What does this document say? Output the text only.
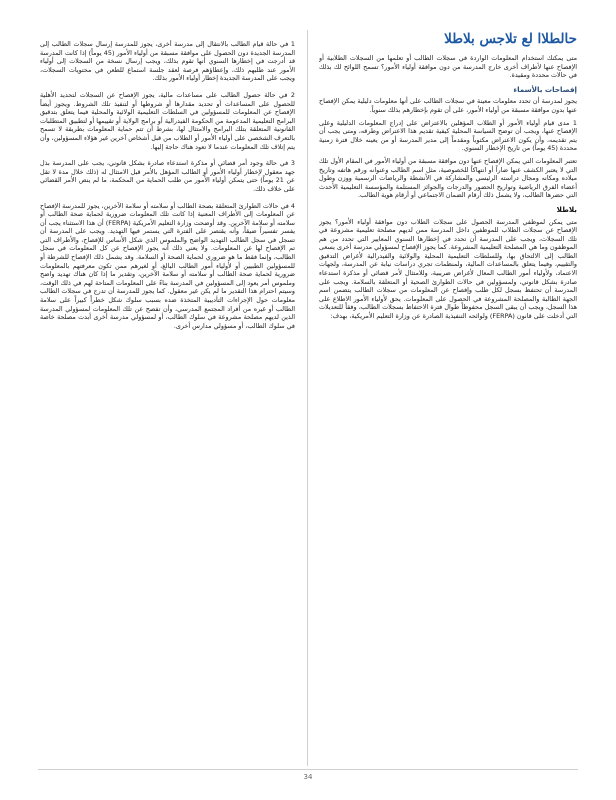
حالطلاا لع تلاجس بلاطلا

متى يمكنك استخدام المعلومات الواردة في سجلات الطالب أو تعلمها من السجلات الطلابية أو الإفصاح عنها لأطراف أخرى خارج المدرسة من دون موافقة أولياء الأمور؟ تسمح اللوائح لك بذلك في حالات محددة ومقيدة.

إفصاحات بالأسماء

يجوز لمدرسة أن تحدد معلومات معينة في سجلات الطالب على أنها معلومات دليلية يمكن الإفصاح عنها بدون موافقة مسبقة من أولياء الأمور، على أن تقوم بإخطارهم بذلك سنوياً.

1 مدى قيام أولياء الأمور أو الطلاب المؤهلين بالاعتراض على إدراج المعلومات الدليلية وعلى الإفصاح عنها، ويجب أن توضح السياسة المحلية كيفية تقديم هذا الاعتراض وطرقه، ومتى يجب أن يتم تقديمه، وأن يكون الاعتراض مكتوباً ومقدماً إلى مدير المدرسة أو من يعينه خلال فترة زمنية محددة (45 يوماً) من تاريخ الإخطار السنوي.

تعتبر المعلومات التي يمكن الإفصاح عنها دون موافقة مسبقة من أولياء الأمور في المقام الأول تلك التي لا يعتبر الكشف عنها ضاراً أو انتهاكاً للخصوصية، مثل اسم الطالب وعنوانه ورقم هاتفه وتاريخ ميلاده ومكانه ومجال دراسته الرئيسي والمشاركة في الأنشطة والرياضات الرسمية ووزن وطول أعضاء الفرق الرياضية وتواريخ الحضور والدرجات والجوائز المستلمة والمؤسسة التعليمية الأحدث التي حضرها الطالب، ولا يشمل ذلك أرقام الضمان الاجتماعي أو أرقام هوية الطالب.

بلاطلا

متى يمكن لموظفي المدرسة الحصول على سجلات الطلاب دون موافقة أولياء الأمور؟ يجوز الإفصاح عن سجلات الطلاب للموظفين داخل المدرسة ممن لديهم مصلحة تعليمية مشروعة في تلك السجلات، ويجب على المدرسة أن تحدد في إخطارها السنوي المعايير التي تحدد من هم الموظفون وما هي المصلحة التعليمية المشروعة. كما يجوز الإفصاح لمسؤولي مدرسة أخرى يسعى الطالب إلى الالتحاق بها، وللسلطات التعليمية المحلية والولائية والفيدرالية لأغراض التدقيق والتقييم، وفيما يتعلق بالمساعدات المالية، ولمنظمات تجري دراسات نيابة عن المدرسة، ولجهات الاعتماد، ولأولياء أمور الطالب المعال لأغراض ضريبية، وللامتثال لأمر قضائي أو مذكرة استدعاء صادرة بشكل قانوني، ولمسؤولين في حالات الطوارئ الصحية أو المتعلقة بالسلامة. ويجب على المدرسة أن تحتفظ بسجل لكل طلب وإفصاح عن المعلومات من سجلات الطالب يتضمن اسم الجهة الطالبة والمصلحة المشروعة في الحصول على المعلومات. يحق لأولياء الأمور الاطلاع على هذا السجل، ويجب أن يبقى السجل محفوظاً طوال فترة الاحتفاظ بسجلات الطالب، وفقاً للتعديلات التي أدخلت على قانون (FERPA) ولوائحه التنفيذية الصادرة عن وزارة التعليم الأمريكية، بهدف:

1 في حالة قيام الطالب بالانتقال إلى مدرسة أخرى، يجوز للمدرسة إرسال سجلات الطالب إلى المدرسة الجديدة دون الحصول على موافقة مسبقة من أولياء الأمور (45 يوماً) إذا كانت المدرسة قد أدرجت في إخطارها السنوي أنها تقوم بذلك، ويجب إرسال نسخة من السجلات إلى أولياء الأمور عند طلبهم ذلك، وإعطاؤهم فرصة لعقد جلسة استماع للطعن في محتويات السجلات، ويجب على المدرسة الجديدة إخطار أولياء الأمور بذلك.

2 في حالة حصول الطالب على مساعدات مالية، يجوز الإفصاح عن السجلات لتحديد الأهلية للحصول على المساعدات أو تحديد مقدارها أو شروطها أو لتنفيذ تلك الشروط. ويجوز أيضاً الإفصاح عن المعلومات للمسؤولين في السلطات التعليمية الولائية والمحلية فيما يتعلق بتدقيق البرامج التعليمية المدعومة من الحكومة الفيدرالية أو برامج الولاية أو تقييمها أو لتطبيق المتطلبات القانونية المتعلقة بتلك البرامج والامتثال لها، بشرط أن تتم حماية المعلومات بطريقة لا تسمح بالتعرف الشخصي على أولياء الأمور أو الطلاب من قبل أشخاص آخرين غير هؤلاء المسؤولين، وأن يتم إتلاف تلك المعلومات عندما لا تعود هناك حاجة إليها.

3 في حالة وجود أمر قضائي أو مذكرة استدعاء صادرة بشكل قانوني، يجب على المدرسة بذل جهد معقول لإخطار أولياء الأمور أو الطالب المؤهل بالأمر قبل الامتثال له (ذلك خلال مدة لا تقل عن 21 يوماً) حتى يتمكن أولياء الأمور من طلب الحماية من المحكمة، ما لم ينص الأمر القضائي على خلاف ذلك.

4 في حالات الطوارئ المتعلقة بصحة الطالب أو سلامته أو سلامة الآخرين، يجوز للمدرسة الإفصاح عن المعلومات إلى الأطراف المعنية إذا كانت تلك المعلومات ضرورية لحماية صحة الطالب أو سلامته أو سلامة الآخرين. وقد أوضحت وزارة التعليم الأمريكية (FERPA) أن هذا الاستثناء يجب أن يفسر تفسيراً ضيقاً، وأنه يقتصر على الفترة التي يستمر فيها التهديد. ويجب على المدرسة أن تسجل في سجل الطالب التهديد الواضح والملموس الذي شكل الأساس للإفصاح، والأطراف التي تم الإفصاح لها عن المعلومات. ولا يعني ذلك أنه يجوز الإفصاح عن كل المعلومات في سجل الطالب، وإنما فقط ما هو ضروري لحماية الصحة أو السلامة. وقد يشمل ذلك الإفصاح للشرطة أو للمسؤولين الطبيين أو لأولياء أمور الطالب البالغ، أو لغيرهم ممن تكون معرفتهم بالمعلومات ضرورية لحماية صحة الطالب أو سلامته أو سلامة الآخرين، وتقدير ما إذا كان هناك تهديد واضح وملموس أمر يعود إلى المسؤولين في المدرسة بناءً على المعلومات المتاحة لهم في ذلك الوقت، وسيتم احترام هذا التقدير ما لم يكن غير معقول. كما يجوز للمدرسة أن تدرج في سجلات الطالب معلومات حول الإجراءات التأديبية المتخذة ضده بسبب سلوك شكل خطراً كبيراً على سلامة الطالب أو غيره من أفراد المجتمع المدرسي، وأن تفصح عن تلك المعلومات لمسؤولي المدرسة الذين لديهم مصلحة مشروعة في سلوك الطالب، أو لمسؤولي مدرسة أخرى أبدت مصلحة خاصة في سلوك الطالب، أو مسؤولي مدارس أخرى.

34
